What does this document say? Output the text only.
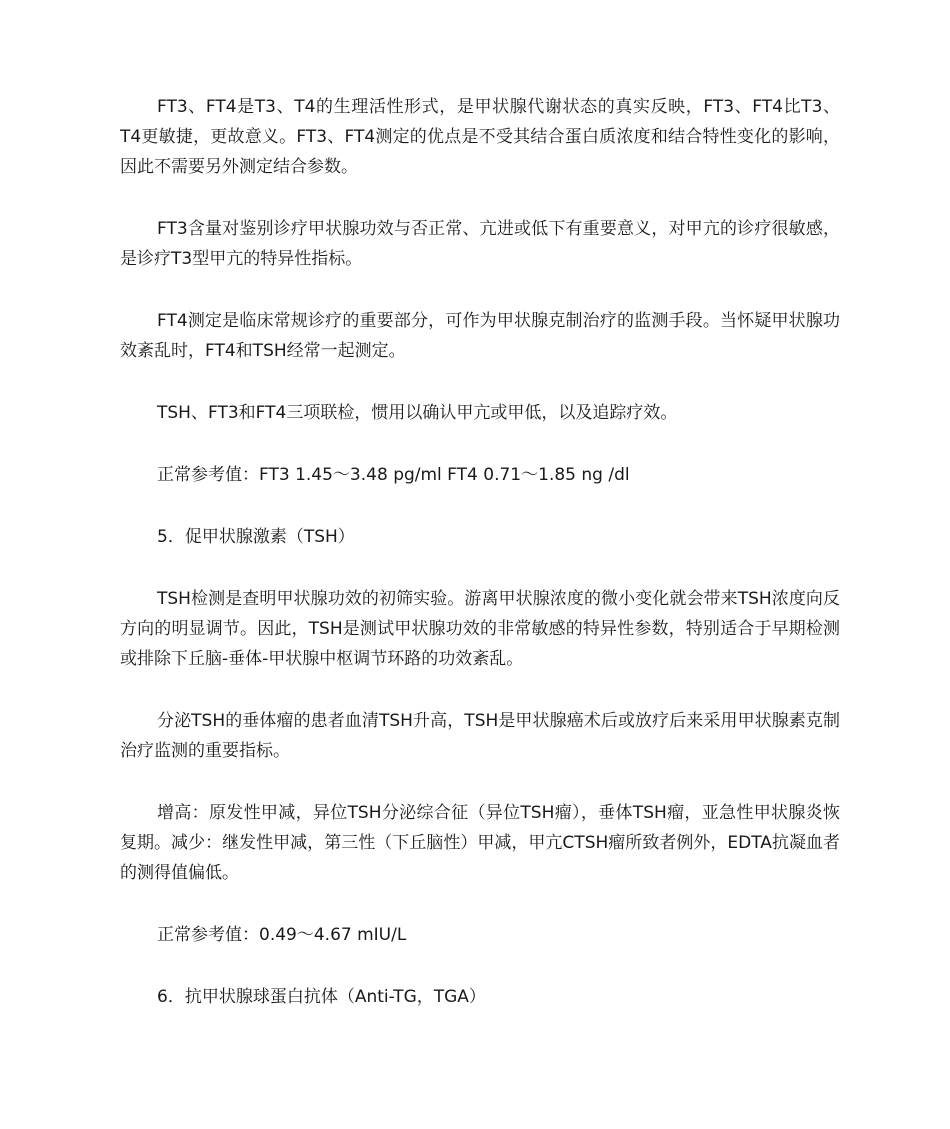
FT3、FT4是T3、T4的生理活性形式，是甲状腺代谢状态的真实反映，FT3、FT4比T3、T4更敏捷，更故意义。FT3、FT4测定的优点是不受其结合蛋白质浓度和结合特性变化的影响，因此不需要另外测定结合参数。

FT3含量对鉴别诊疗甲状腺功效与否正常、亢进或低下有重要意义，对甲亢的诊疗很敏感，是诊疗T3型甲亢的特异性指标。

FT4测定是临床常规诊疗的重要部分，可作为甲状腺克制治疗的监测手段。当怀疑甲状腺功效紊乱时，FT4和TSH经常一起测定。

TSH、FT3和FT4三项联检，惯用以确认甲亢或甲低，以及追踪疗效。

正常参考值：FT3 1.45～3.48 pg/ml FT4 0.71～1.85 ng /dl

5．促甲状腺激素（TSH）

TSH检测是查明甲状腺功效的初筛实验。游离甲状腺浓度的微小变化就会带来TSH浓度向反方向的明显调节。因此，TSH是测试甲状腺功效的非常敏感的特异性参数，特别适合于早期检测或排除下丘脑-垂体-甲状腺中枢调节环路的功效紊乱。

分泌TSH的垂体瘤的患者血清TSH升高，TSH是甲状腺癌术后或放疗后来采用甲状腺素克制治疗监测的重要指标。

增高：原发性甲减，异位TSH分泌综合征（异位TSH瘤），垂体TSH瘤，亚急性甲状腺炎恢复期。减少：继发性甲减，第三性（下丘脑性）甲减，甲亢CTSH瘤所致者例外，EDTA抗凝血者的测得值偏低。

正常参考值：0.49～4.67 mIU/L

6．抗甲状腺球蛋白抗体（Anti-TG，TGA）
